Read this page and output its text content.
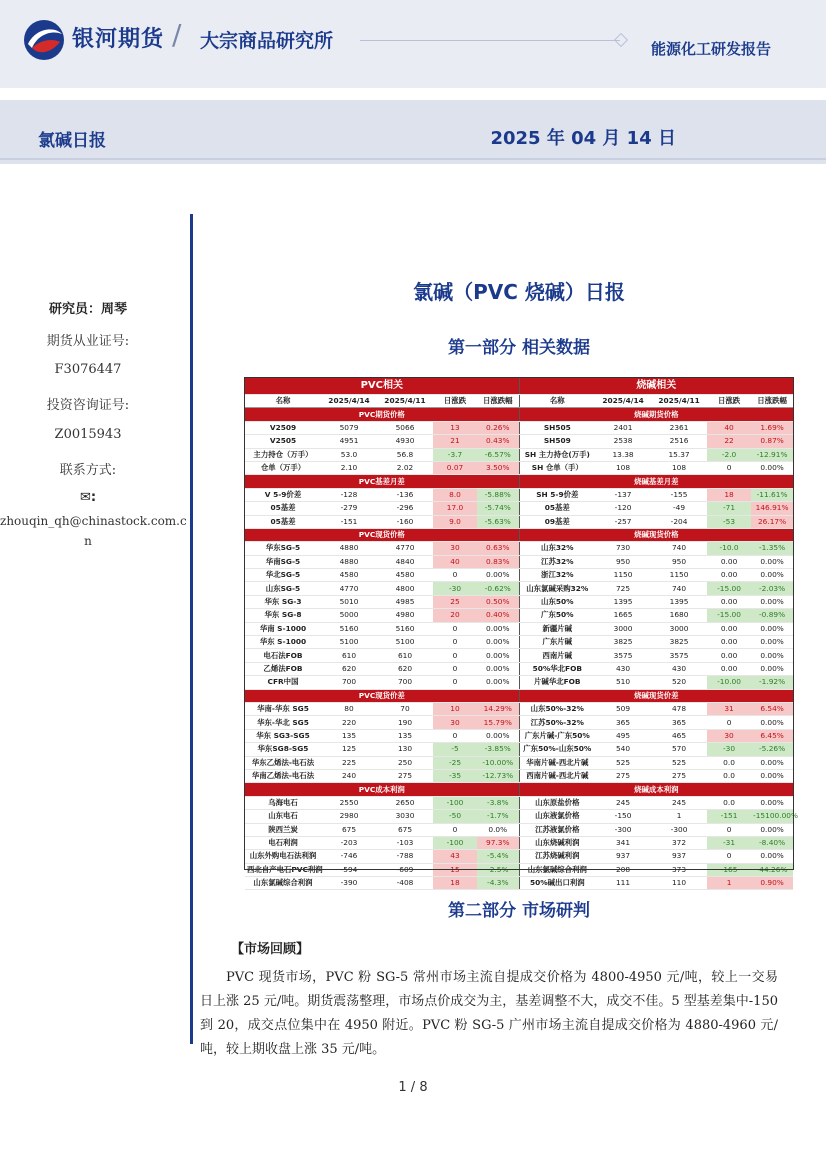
银河期货 / 大宗商品研究所	能源化工研发报告
氯碱日报	2025 年 04 月 14 日
研究员：周琴
期货从业证号:
F3076447
投资咨询证号:
Z0015943
联系方式:
✉:
zhouqin_qh@chinastock.com.c
n
氯碱（PVC 烧碱）日报
第一部分 相关数据
PVC相关					烧碱相关				
名称	2025/4/14	2025/4/11	日涨跌	日涨跌幅	名称	2025/4/14	2025/4/11	日涨跌	日涨跌幅
PVC期货价格					烧碱期货价格				
V2509	5079	5066	13	0.26%	SH505	2401	2361	40	1.69%
V2505	4951	4930	21	0.43%	SH509	2538	2516	22	0.87%
主力持仓（万手）	53.0	56.8	-3.7	-6.57%	SH 主力持仓(万手)	13.38	15.37	-2.0	-12.91%
仓单（万手）	2.10	2.02	0.07	3.50%	SH 仓单（手）	108	108	0	0.00%
PVC基差月差					烧碱基差月差				
V 5-9价差	-128	-136	8.0	-5.88%	SH 5-9价差	-137	-155	18	-11.61%
05基差	-279	-296	17.0	-5.74%	05基差	-120	-49	-71	146.91%
05基差	-151	-160	9.0	-5.63%	09基差	-257	-204	-53	26.17%
PVC现货价格					烧碱现货价格				
华东SG-5	4880	4770	30	0.63%	山东32%	730	740	-10.0	-1.35%
华南SG-5	4880	4840	40	0.83%	江苏32%	950	950	0.00	0.00%
华北SG-5	4580	4580	0	0.00%	浙江32%	1150	1150	0.00	0.00%
山东SG-5	4770	4800	-30	-0.62%	山东氯碱采购32%	725	740	-15.00	-2.03%
华东 SG-3	5010	4985	25	0.50%	山东50%	1395	1395	0.00	0.00%
华东 SG-8	5000	4980	20	0.40%	广东50%	1665	1680	-15.00	-0.89%
华南 S-1000	5160	5160	0	0.00%	新疆片碱	3000	3000	0.00	0.00%
华东 S-1000	5100	5100	0	0.00%	广东片碱	3825	3825	0.00	0.00%
电石法FOB	610	610	0	0.00%	西南片碱	3575	3575	0.00	0.00%
乙烯法FOB	620	620	0	0.00%	50%华北FOB	430	430	0.00	0.00%
CFR中国	700	700	0	0.00%	片碱华北FOB	510	520	-10.00	-1.92%
PVC现货价差					烧碱现货价差				
华南-华东 SG5	80	70	10	14.29%	山东50%-32%	509	478	31	6.54%
华东-华北 SG5	220	190	30	15.79%	江苏50%-32%	365	365	0	0.00%
华东 SG3-SG5	135	135	0	0.00%	广东片碱-广东50%	495	465	30	6.45%
华东SG8-SG5	125	130	-5	-3.85%	广东50%-山东50%	540	570	-30	-5.26%
华东乙烯法-电石法	225	250	-25	-10.00%	华南片碱-西北片碱	525	525	0.0	0.00%
华南乙烯法-电石法	240	275	-35	-12.73%	西南片碱-西北片碱	275	275	0.0	0.00%
PVC成本利润					烧碱成本利润				
乌海电石	2550	2650	-100	-3.8%	山东原盐价格	245	245	0.0	0.00%
山东电石	2980	3030	-50	-1.7%	山东液氯价格	-150	1	-151	-15100.00%
陕西兰炭	675	675	0	0.0%	江苏液氯价格	-300	-300	0	0.00%
电石利润	-203	-103	-100	97.3%	山东烧碱利润	341	372	-31	-8.40%
山东外购电石法利润	-746	-788	43	-5.4%	江苏烧碱利润	937	937	0	0.00%
西北自产电石PVC利润	-594	-609	15	-2.5%	山东氯碱综合利润	208	373	-165	-44.26%
山东氯碱综合利润	-390	-408	18	-4.3%	50%碱出口利润	111	110	1	0.90%
第二部分 市场研判
【市场回顾】

PVC 现货市场，PVC 粉 SG-5 常州市场主流自提成交价格为 4800-4950 元/吨，较上一交易日上涨 25 元/吨。期货震荡整理，市场点价成交为主，基差调整不大，成交不佳。5 型基差集中-150 到 20，成交点位集中在 4950 附近。PVC 粉 SG-5 广州市场主流自提成交价格为 4880-4960 元/吨，较上期收盘上涨 35 元/吨。

1 / 8
